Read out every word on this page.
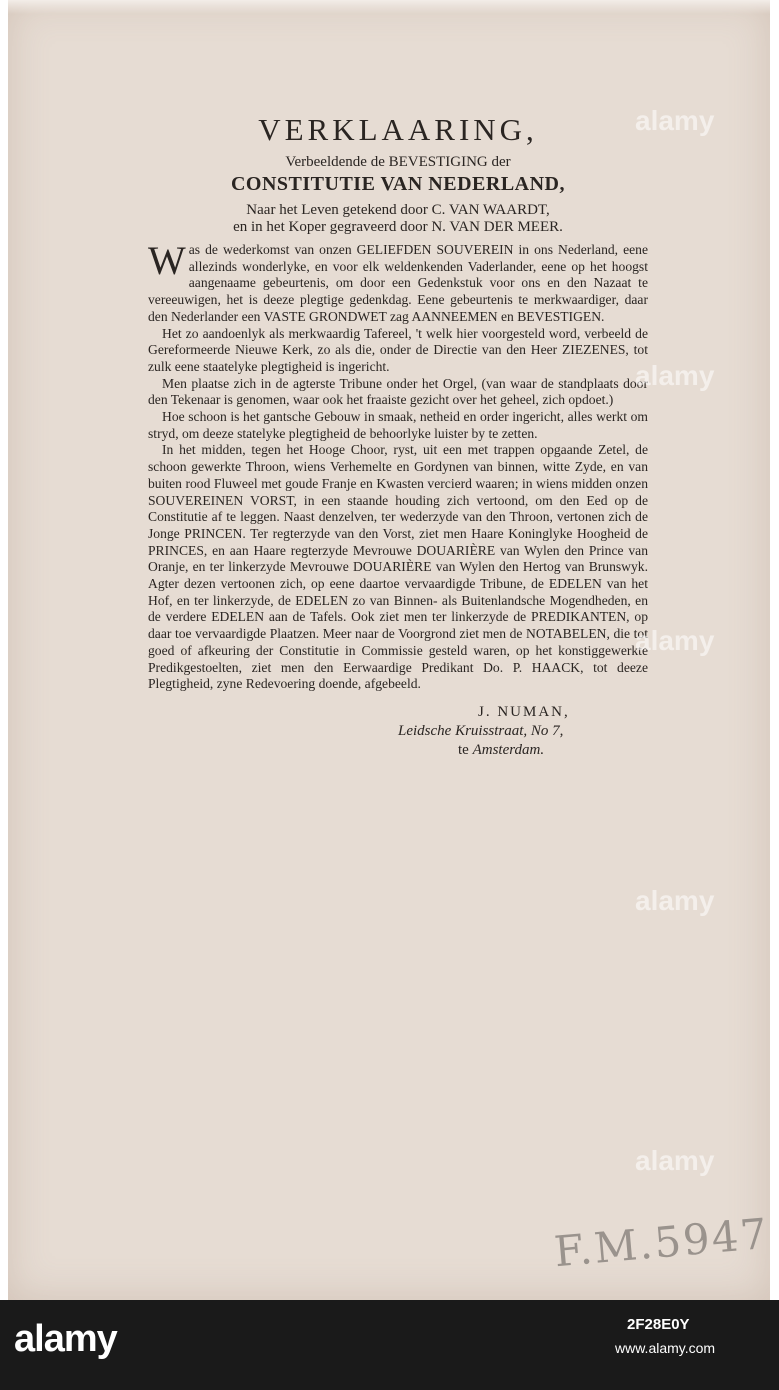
VERKLAARING,
Verbeeldende de BEVESTIGING der
CONSTITUTIE VAN NEDERLAND,
Naar het Leven getekend door C. VAN WAARDT,
en in het Koper gegraveerd door N. VAN DER MEER.

Was de wederkomst van onzen GELIEFDEN SOUVEREIN in ons Nederland, eene allezinds wonderlyke, en voor elk weldenkenden Vaderlander, eene op het hoogst aangenaame gebeurtenis, om door een Gedenkstuk voor ons en den Nazaat te vereeuwigen, het is deeze plegtige gedenkdag. Eene gebeurtenis te merkwaardiger, daar den Nederlander een VASTE GRONDWET zag AANNEEMEN en BEVESTIGEN.

Het zo aandoenlyk als merkwaardig Tafereel, 't welk hier voorgesteld word, verbeeld de Gereformeerde Nieuwe Kerk, zo als die, onder de Directie van den Heer ZIEZENES, tot zulk eene staatelyke plegtigheid is ingericht.

Men plaatse zich in de agterste Tribune onder het Orgel, (van waar de standplaats door den Tekenaar is genomen, waar ook het fraaiste gezicht over het geheel, zich opdoet.)

Hoe schoon is het gantsche Gebouw in smaak, netheid en order ingericht, alles werkt om stryd, om deeze statelyke plegtigheid de behoorlyke luister by te zetten.

In het midden, tegen het Hooge Choor, ryst, uit een met trappen opgaande Zetel, de schoon gewerkte Throon, wiens Verhemelte en Gordynen van binnen, witte Zyde, en van buiten rood Fluweel met goude Franje en Kwasten vercierd waaren; in wiens midden onzen SOUVEREINEN VORST, in een staande houding zich vertoond, om den Eed op de Constitutie af te leggen. Naast denzelven, ter wederzyde van den Throon, vertonen zich de Jonge PRINCEN. Ter regterzyde van den Vorst, ziet men Haare Koninglyke Hoogheid de PRINCES, en aan Haare regterzyde Mevrouwe DOUARIÈRE van Wylen den Prince van Oranje, en ter linkerzyde Mevrouwe DOUARIÈRE van Wylen den Hertog van Brunswyk. Agter dezen vertoonen zich, op eene daartoe vervaardigde Tribune, de EDELEN van het Hof, en ter linkerzyde, de EDELEN zo van Binnen- als Buitenlandsche Mogendheden, en de verdere EDELEN aan de Tafels. Ook ziet men ter linkerzyde de PREDIKANTEN, op daar toe vervaardigde Plaatzen. Meer naar de Voorgrond ziet men de NOTABELEN, die tot goed of afkeuring der Constitutie in Commissie gesteld waren, op het konstiggewerkte Predikgestoelten, ziet men den Eerwaardige Predikant Do. P. HAACK, tot deeze Plegtigheid, zyne Redevoering doende, afgebeeld.

J. NUMAN,
Leidsche Kruisstraat, No 7,
te Amsterdam.
F.M.5947
alamy
alamy
alamy
alamy
alamy
alamy	2F28E0Y
www.alamy.com
